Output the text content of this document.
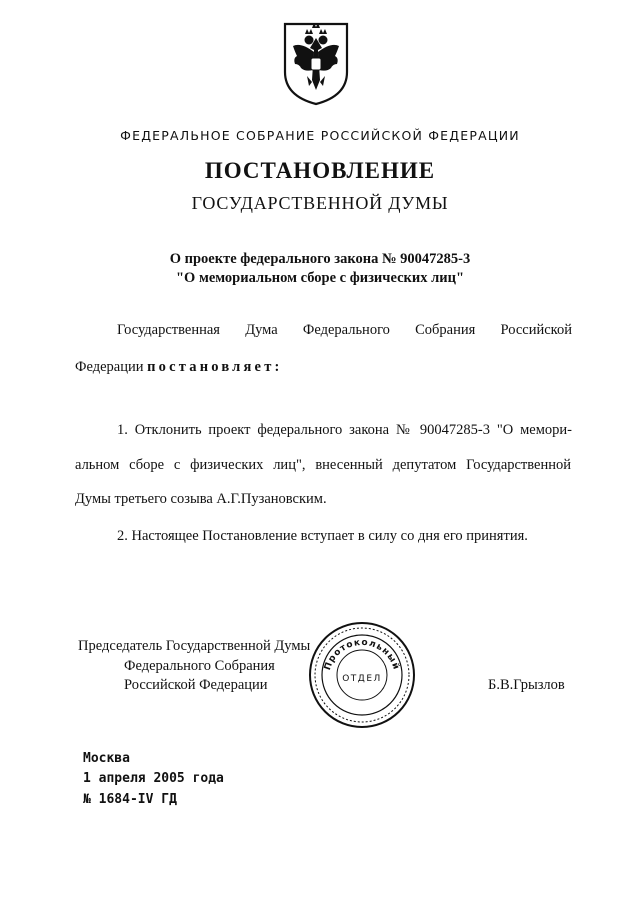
ФЕДЕРАЛЬНОЕ СОБРАНИЕ РОССИЙСКОЙ ФЕДЕРАЦИИ
ПОСТАНОВЛЕНИЕ
ГОСУДАРСТВЕННОЙ ДУМЫ
О проекте федерального закона № 90047285-3
"О мемориальном сборе с физических лиц"
Государственная Дума Федерального Собрания Российской
Федерации постановляет:
1. Отклонить проект федерального закона № 90047285-3 "О мемори-
альном сборе с физических лиц", внесенный депутатом Государственной
Думы третьего созыва А.Г.Пузановским.
2. Настоящее Постановление вступает в силу со дня его принятия.
Председатель Государственной Думы
Федерального Собрания
Российской Федерации	Б.В.Грызлов
Протокольный
ОТДЕЛ
Москва
1 апреля 2005 года
№ 1684-IV ГД
